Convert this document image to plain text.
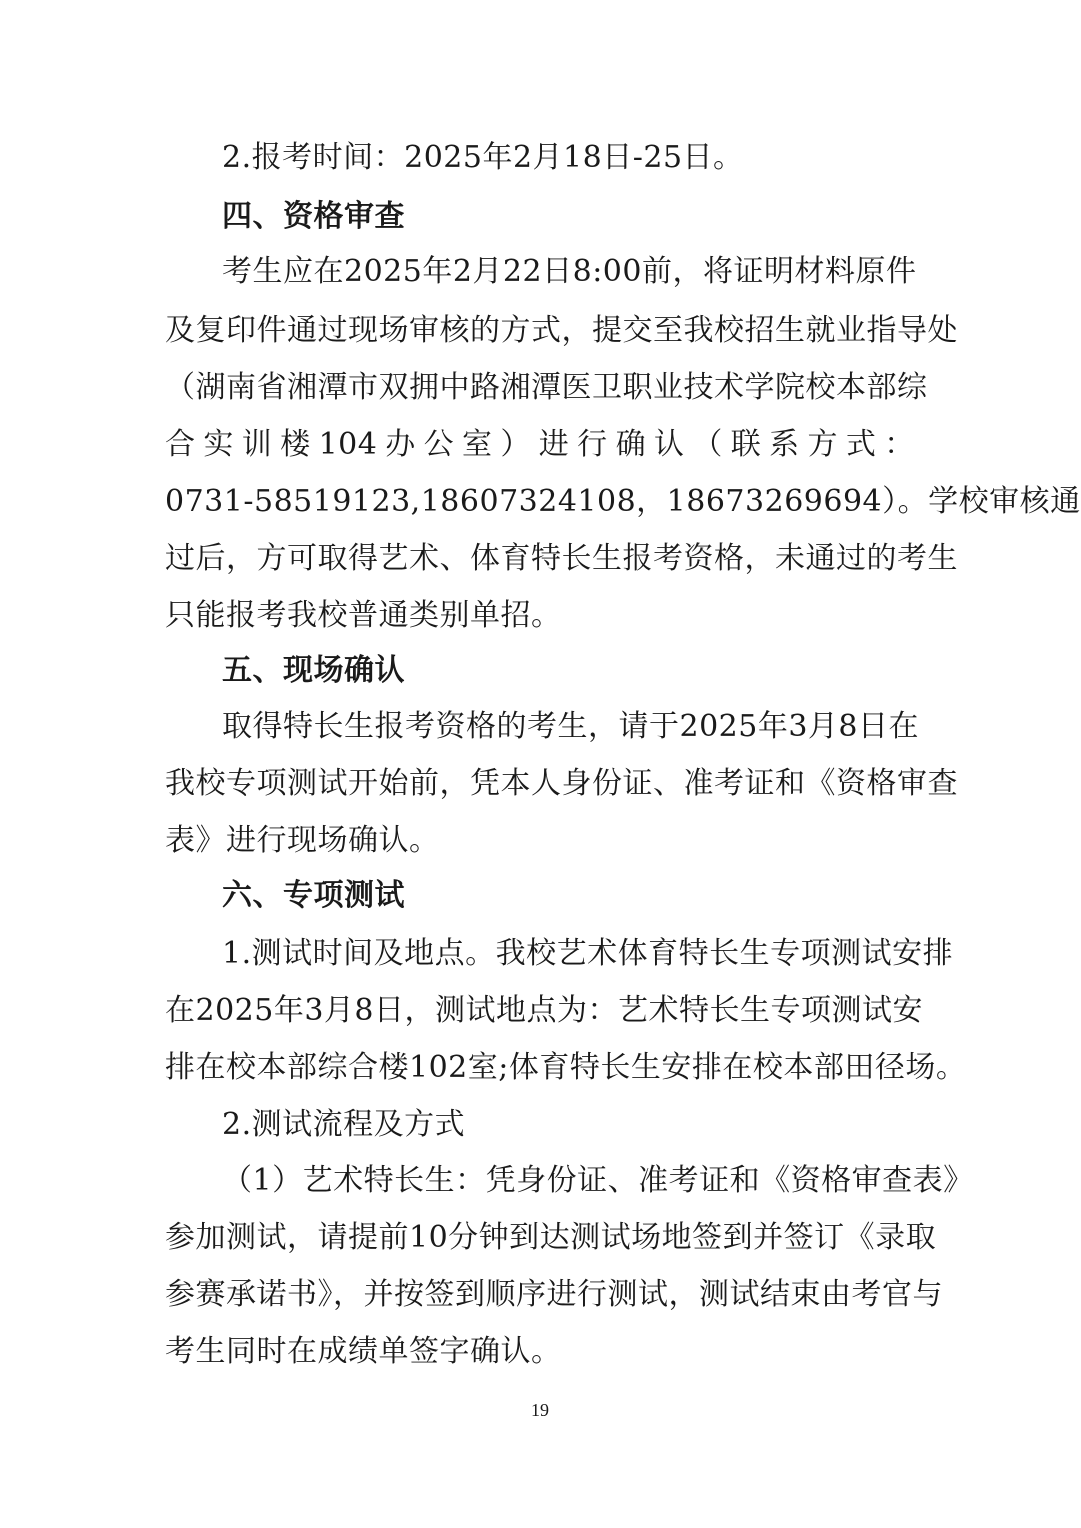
2.报考时间：2025年2月18日-25日。
四、资格审查
考生应在2025年2月22日8:00前，将证明材料原件
及复印件通过现场审核的方式，提交至我校招生就业指导处
（湖南省湘潭市双拥中路湘潭医卫职业技术学院校本部综
合 实 训 楼 104 办 公 室 ） 进 行 确 认 （ 联 系 方 式 ：
0731-58519123,18607324108，18673269694）。学校审核通
过后，方可取得艺术、体育特长生报考资格，未通过的考生
只能报考我校普通类别单招。
五、现场确认
取得特长生报考资格的考生，请于2025年3月8日在
我校专项测试开始前，凭本人身份证、准考证和《资格审查
表》进行现场确认。
六、专项测试
1.测试时间及地点。我校艺术体育特长生专项测试安排
在2025年3月8日，测试地点为：艺术特长生专项测试安
排在校本部综合楼102室;体育特长生安排在校本部田径场。
2.测试流程及方式
（1）艺术特长生：凭身份证、准考证和《资格审查表》
参加测试，请提前10分钟到达测试场地签到并签订《录取
参赛承诺书》，并按签到顺序进行测试，测试结束由考官与
考生同时在成绩单签字确认。
19
